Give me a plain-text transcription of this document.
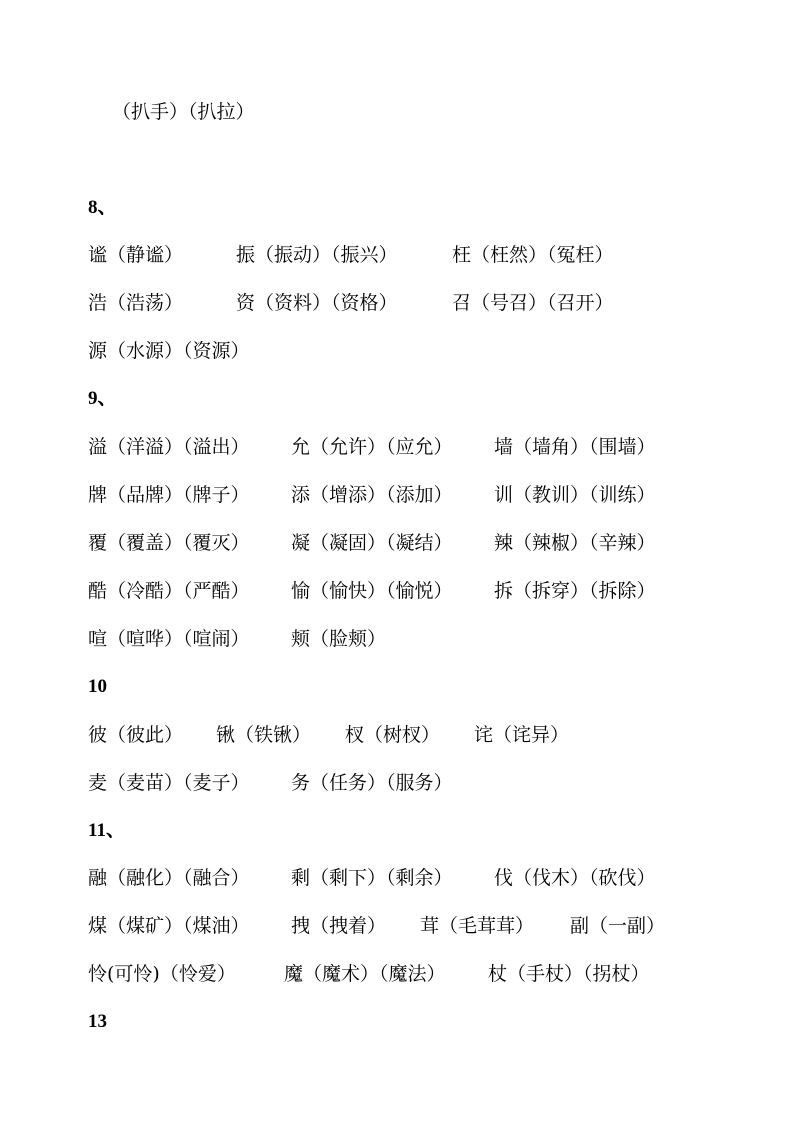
（扒手）（扒拉）
8、
谧（静谧）	振（振动）（振兴）	枉（枉然）（冤枉）
浩（浩荡）	资（资料）（资格）	召（号召）（召开）
源（水源）（资源）
9、
溢（洋溢）（溢出） 允（允许）（应允） 墙（墙角）（围墙）
牌（品牌）（牌子） 添（增添）（添加） 训（教训）（训练）
覆（覆盖）（覆灭） 凝（凝固）（凝结） 辣（辣椒）（辛辣）
酷（冷酷）（严酷） 愉（愉快）（愉悦） 拆（拆穿）（拆除）
喧（喧哗）（喧闹） 颊（脸颊）
10
彼（彼此） 锹（铁锹） 杈（树杈） 诧（诧异）
麦（麦苗）（麦子） 务（任务）（服务）
11、
融（融化）（融合） 剩（剩下）（剩余） 伐（伐木）（砍伐）
煤（煤矿）（煤油） 拽（拽着） 茸（毛茸茸） 副（一副）
怜(可怜)（怜爱）	魔（魔术）（魔法） 杖（手杖）（拐杖）
13
